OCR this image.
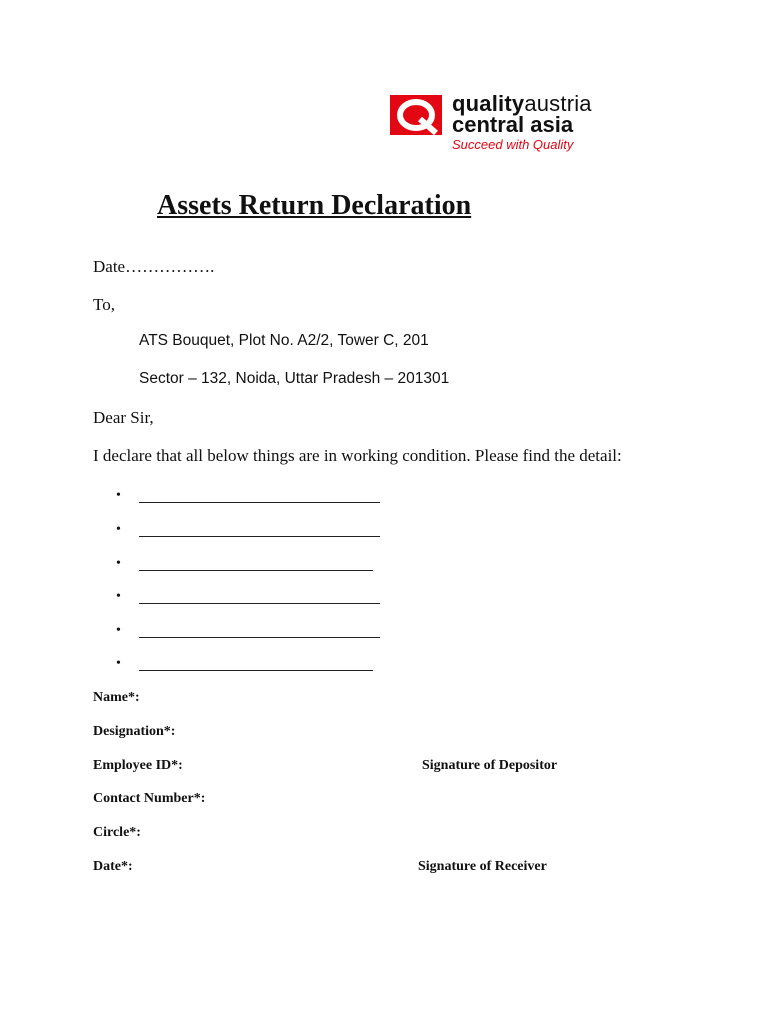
qualityaustria
central asia
Succeed with Quality
Assets Return Declaration
Date…………….
To,
ATS Bouquet, Plot No. A2/2, Tower C, 201
Sector – 132, Noida, Uttar Pradesh – 201301
Dear Sir,
I declare that all below things are in working condition. Please find the detail:
•
•
•
•
•
•
Name*:
Designation*:
Employee ID*:
Contact Number*:
Circle*:
Date*:
Signature of Depositor
Signature of Receiver
